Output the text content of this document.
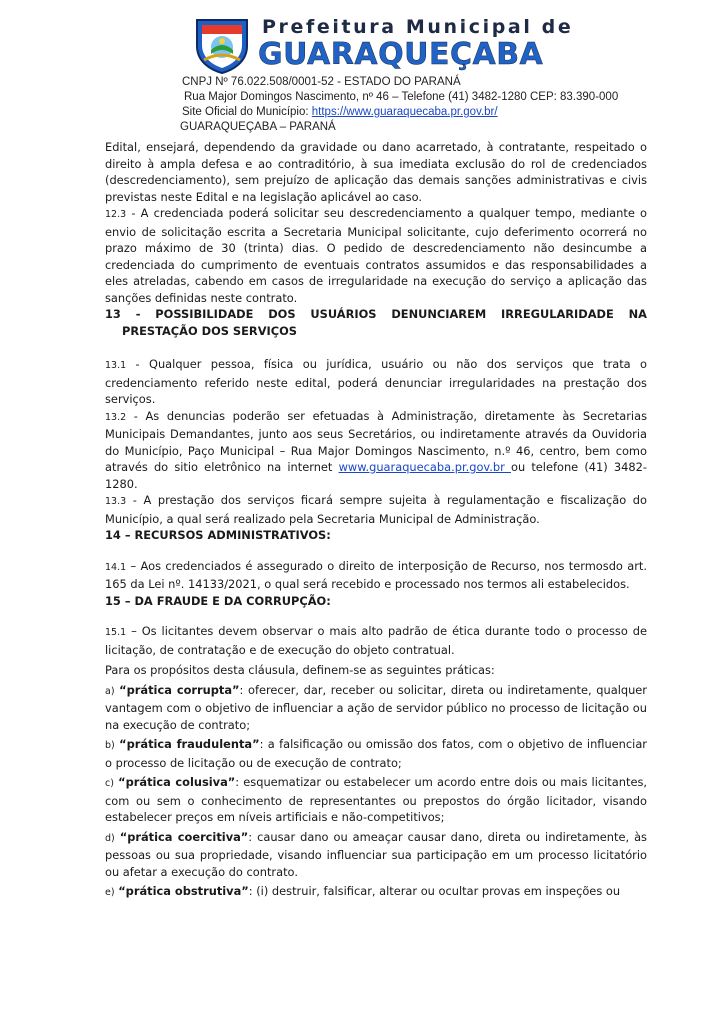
Prefeitura Municipal de
GUARAQUEÇABA
CNPJ Nº 76.022.508/0001-52 - ESTADO DO PARANÁ
Rua Major Domingos Nascimento, nº 46 – Telefone (41) 3482-1280 CEP: 83.390-000
Site Oficial do Município: https://www.guaraquecaba.pr.gov.br/
GUARAQUEÇABA – PARANÁ

Edital, ensejará, dependendo da gravidade ou dano acarretado, à contratante, respeitado o direito à ampla defesa e ao contraditório, à sua imediata exclusão do rol de credenciados (descredenciamento), sem prejuízo de aplicação das demais sanções administrativas e civis previstas neste Edital e na legislação aplicável ao caso.

12.3 - A credenciada poderá solicitar seu descredenciamento a qualquer tempo, mediante o envio de solicitação escrita a Secretaria Municipal solicitante, cujo deferimento ocorrerá no prazo máximo de 30 (trinta) dias. O pedido de descredenciamento não desincumbe a credenciada do cumprimento de eventuais contratos assumidos e das responsabilidades a eles atreladas, cabendo em casos de irregularidade na execução do serviço a aplicação das sanções definidas neste contrato.

13 - POSSIBILIDADE DOS USUÁRIOS DENUNCIAREM IRREGULARIDADE NA PRESTAÇÃO DOS SERVIÇOS

13.1 - Qualquer pessoa, física ou jurídica, usuário ou não dos serviços que trata o credenciamento referido neste edital, poderá denunciar irregularidades na prestação dos serviços.

13.2 - As denuncias poderão ser efetuadas à Administração, diretamente às Secretarias Municipais Demandantes, junto aos seus Secretários, ou indiretamente através da Ouvidoria do Município, Paço Municipal – Rua Major Domingos Nascimento, n.º 46, centro, bem como através do sitio eletrônico na internet www.guaraquecaba.pr.gov.br ou telefone (41) 3482- 1280.

13.3 - A prestação dos serviços ficará sempre sujeita à regulamentação e fiscalização do Município, a qual será realizado pela Secretaria Municipal de Administração.

14 – RECURSOS ADMINISTRATIVOS:

14.1 – Aos credenciados é assegurado o direito de interposição de Recurso, nos termosdo art. 165 da Lei nº. 14133/2021, o qual será recebido e processado nos termos ali estabelecidos.

15 – DA FRAUDE E DA CORRUPÇÃO:

15.1 – Os licitantes devem observar o mais alto padrão de ética durante todo o processo de licitação, de contratação e de execução do objeto contratual.

Para os propósitos desta cláusula, definem-se as seguintes práticas:

a) “prática corrupta”: oferecer, dar, receber ou solicitar, direta ou indiretamente, qualquer vantagem com o objetivo de influenciar a ação de servidor público no processo de licitação ou na execução de contrato;

b) “prática fraudulenta”: a falsificação ou omissão dos fatos, com o objetivo de influenciar o processo de licitação ou de execução de contrato;

c) “prática colusiva”: esquematizar ou estabelecer um acordo entre dois ou mais licitantes, com ou sem o conhecimento de representantes ou prepostos do órgão licitador, visando estabelecer preços em níveis artificiais e não-competitivos;

d) “prática coercitiva”: causar dano ou ameaçar causar dano, direta ou indiretamente, às pessoas ou sua propriedade, visando influenciar sua participação em um processo licitatório ou afetar a execução do contrato.

e) “prática obstrutiva”: (i) destruir, falsificar, alterar ou ocultar provas em inspeções ou
